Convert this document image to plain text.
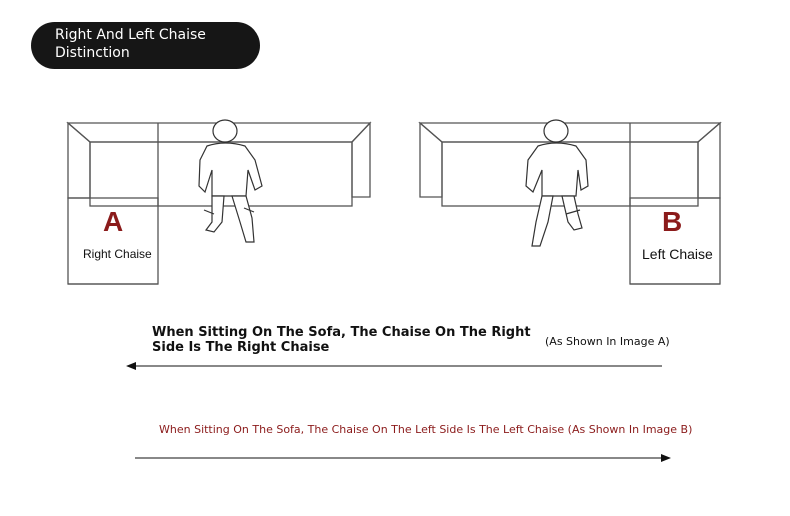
Right And Left Chaise
Distinction
A
Right Chaise
B
Left Chaise
When Sitting On The Sofa, The Chaise On The Right Side Is The Right Chaise	(As Shown In Image A)
When Sitting On The Sofa, The Chaise On The Left Side Is The Left Chaise (As Shown In Image B)
